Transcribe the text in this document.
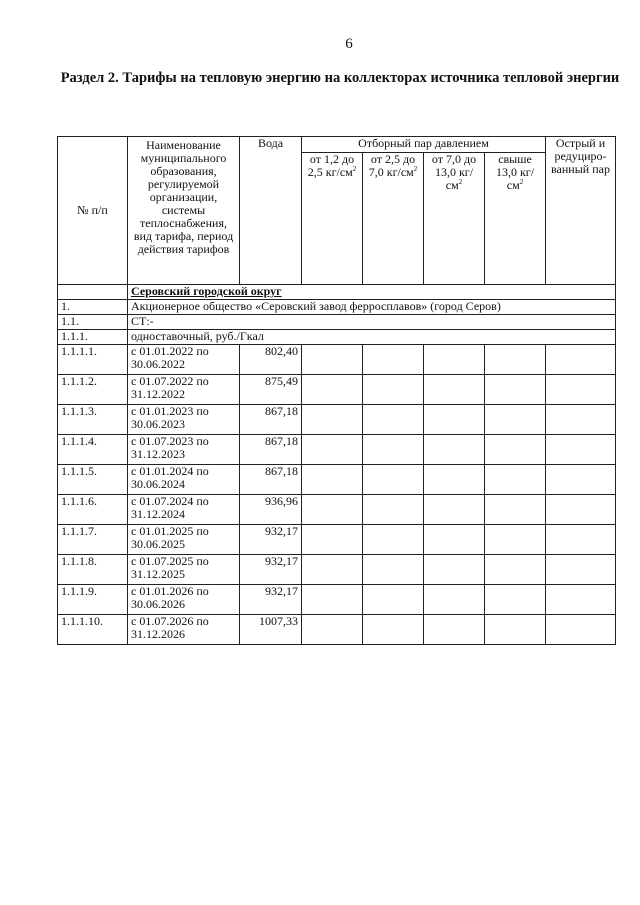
6
Раздел 2. Тарифы на тепловую энергию на коллекторах источника тепловой энергии
№ п/п	Наименование муниципального образования, регулируемой организации, системы теплоснабжения, вид тарифа, период действия тарифов	Вода	Отборный пар давлением				Острый и редуциро-ванный пар
			от 1,2 до 2,5 $кг/см^2$	от 2,5 до 7,0 $кг/см^2$	от 7,0 до 13,0 $кг/см^2$	свыше 13,0 $кг/см^2$
	Серовский городской округ						
1.	Акционерное общество «Серовский завод ферросплавов» (город Серов)						
1.1.	СТ:-						
1.1.1.	одноставочный, руб./Гкал						
1.1.1.1.	с 01.01.2022 по 30.06.2022	802,40					
1.1.1.2.	с 01.07.2022 по 31.12.2022	875,49					
1.1.1.3.	с 01.01.2023 по 30.06.2023	867,18					
1.1.1.4.	с 01.07.2023 по 31.12.2023	867,18					
1.1.1.5.	с 01.01.2024 по 30.06.2024	867,18					
1.1.1.6.	с 01.07.2024 по 31.12.2024	936,96					
1.1.1.7.	с 01.01.2025 по 30.06.2025	932,17					
1.1.1.8.	с 01.07.2025 по 31.12.2025	932,17					
1.1.1.9.	с 01.01.2026 по 30.06.2026	932,17					
1.1.1.10.	с 01.07.2026 по 31.12.2026	1007,33					
